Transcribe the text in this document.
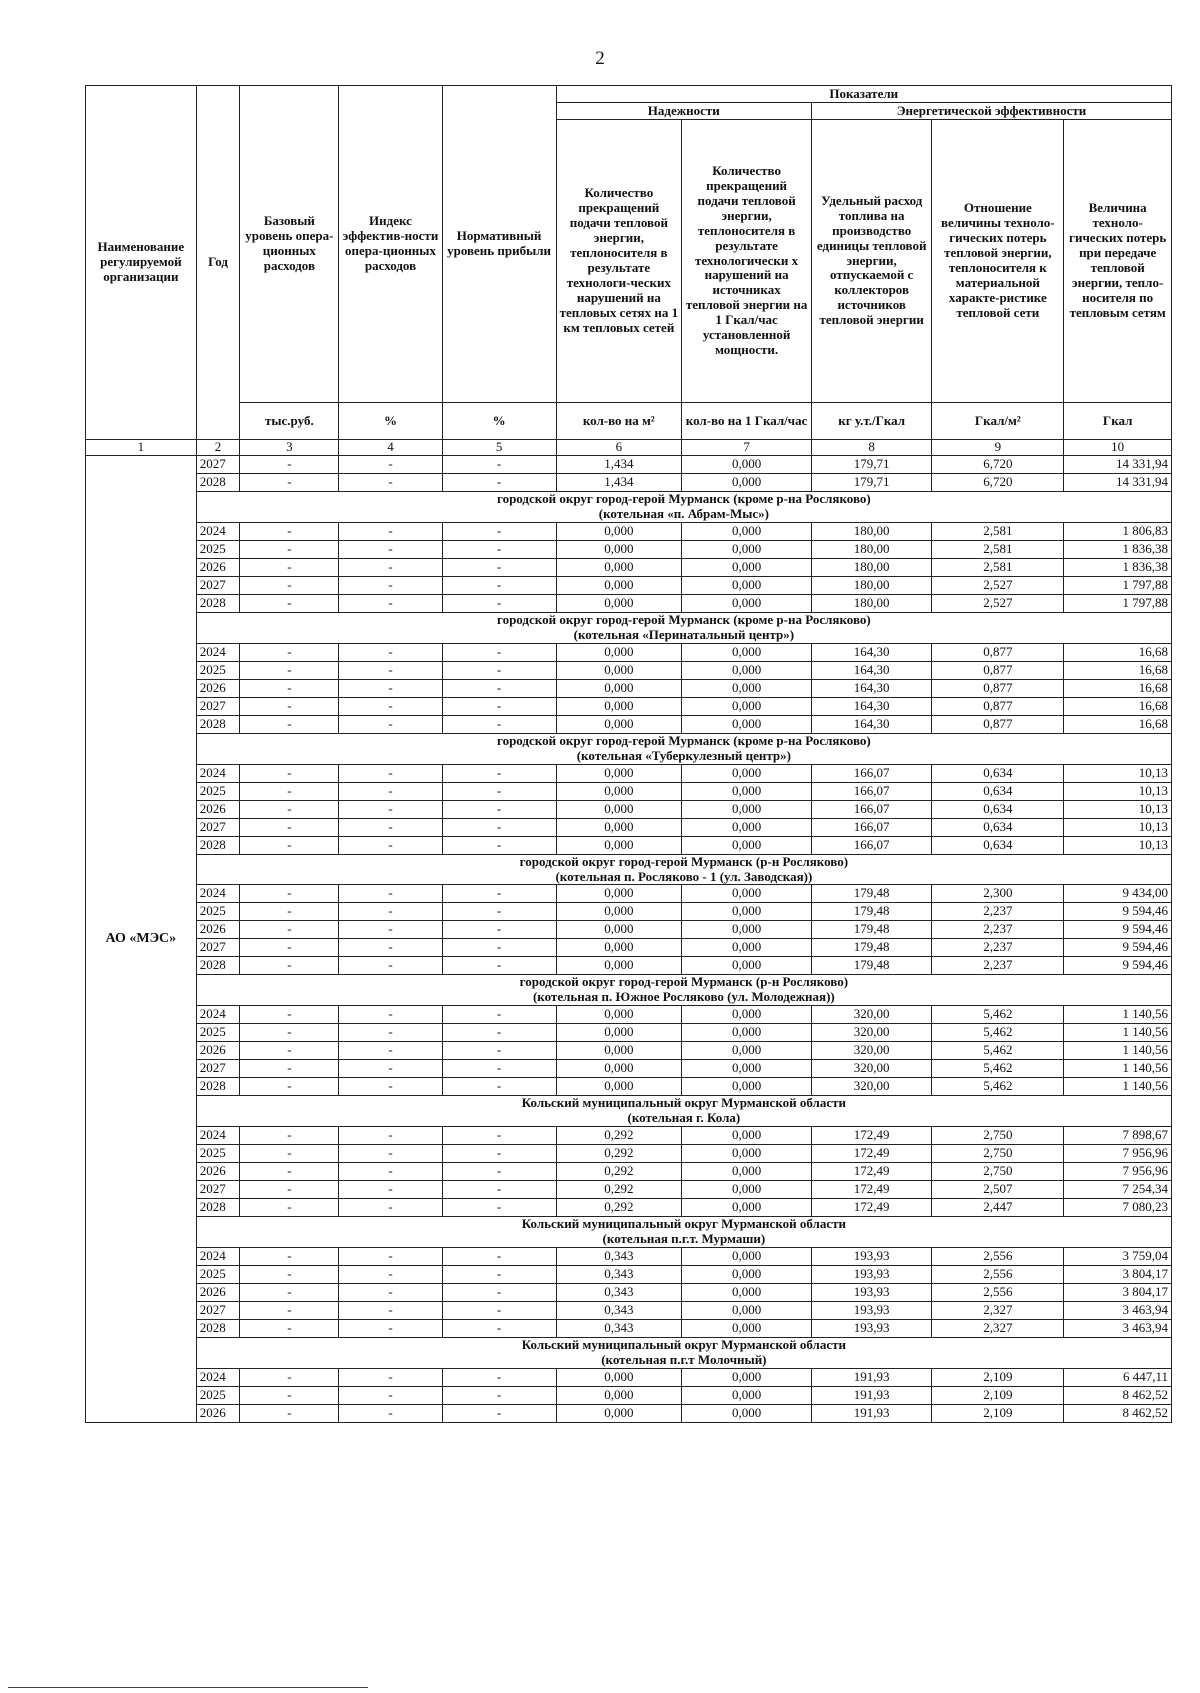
2
Наименование регулируемой организации	Год	Базовый уровень опера-ционных расходов	Индекс эффектив-ности опера-ционных расходов	Нормативный уровень прибыли	Показатели				
					Надежности		Энергетической эффективности		
					Количество прекращений подачи тепловой энергии, теплоносителя в результате технологи-ческих нарушений на тепловых сетях на 1 км тепловых сетей	Количество прекращений подачи тепловой энергии, теплоносителя в результате технологически х нарушений на источниках тепловой энергии на 1 Гкал/час установленной мощности.	Удельный расход топлива на производство единицы тепловой энергии, отпускаемой с коллекторов источников тепловой энергии	Отношение величины техноло-гических потерь тепловой энергии, теплоносителя к материальной характе-ристике тепловой сети	Величина техноло-гических потерь при передаче тепловой энергии, тепло-носителя по тепловым сетям
		тыс.руб.	%	%	кол-во на м²	кол-во на 1 Гкал/час	кг у.т./Гкал	Гкал/м²	Гкал
1	2	3	4	5	6	7	8	9	10
АО «МЭС»	2027	-	-	-	1,434	0,000	179,71	6,720	14 331,94
	2028	-	-	-	1,434	0,000	179,71	6,720	14 331,94

	городской округ город-герой Мурманск (кроме р-на Росляково)
(котельная «п. Абрам-Мыс»)								

	2024	-	-	-	0,000	0,000	180,00	2,581	1 806,83
	2025	-	-	-	0,000	0,000	180,00	2,581	1 836,38
	2026	-	-	-	0,000	0,000	180,00	2,581	1 836,38
	2027	-	-	-	0,000	0,000	180,00	2,527	1 797,88
	2028	-	-	-	0,000	0,000	180,00	2,527	1 797,88

	городской округ город-герой Мурманск (кроме р-на Росляково)
(котельная «Перинатальный центр»)								

	2024	-	-	-	0,000	0,000	164,30	0,877	16,68
	2025	-	-	-	0,000	0,000	164,30	0,877	16,68
	2026	-	-	-	0,000	0,000	164,30	0,877	16,68
	2027	-	-	-	0,000	0,000	164,30	0,877	16,68
	2028	-	-	-	0,000	0,000	164,30	0,877	16,68

	городской округ город-герой Мурманск (кроме р-на Росляково)
(котельная «Туберкулезный центр»)								

	2024	-	-	-	0,000	0,000	166,07	0,634	10,13
	2025	-	-	-	0,000	0,000	166,07	0,634	10,13
	2026	-	-	-	0,000	0,000	166,07	0,634	10,13
	2027	-	-	-	0,000	0,000	166,07	0,634	10,13
	2028	-	-	-	0,000	0,000	166,07	0,634	10,13

	городской округ город-герой Мурманск (р-н Росляково)
(котельная п. Росляково - 1 (ул. Заводская))								

	2024	-	-	-	0,000	0,000	179,48	2,300	9 434,00
	2025	-	-	-	0,000	0,000	179,48	2,237	9 594,46
	2026	-	-	-	0,000	0,000	179,48	2,237	9 594,46
	2027	-	-	-	0,000	0,000	179,48	2,237	9 594,46
	2028	-	-	-	0,000	0,000	179,48	2,237	9 594,46

	городской округ город-герой Мурманск (р-н Росляково)
(котельная п. Южное Росляково (ул. Молодежная))								

	2024	-	-	-	0,000	0,000	320,00	5,462	1 140,56
	2025	-	-	-	0,000	0,000	320,00	5,462	1 140,56
	2026	-	-	-	0,000	0,000	320,00	5,462	1 140,56
	2027	-	-	-	0,000	0,000	320,00	5,462	1 140,56
	2028	-	-	-	0,000	0,000	320,00	5,462	1 140,56

	Кольский муниципальный округ Мурманской области
(котельная г. Кола)								

	2024	-	-	-	0,292	0,000	172,49	2,750	7 898,67
	2025	-	-	-	0,292	0,000	172,49	2,750	7 956,96
	2026	-	-	-	0,292	0,000	172,49	2,750	7 956,96
	2027	-	-	-	0,292	0,000	172,49	2,507	7 254,34
	2028	-	-	-	0,292	0,000	172,49	2,447	7 080,23

	Кольский муниципальный округ Мурманской области
(котельная п.г.т. Мурмаши)								

	2024	-	-	-	0,343	0,000	193,93	2,556	3 759,04
	2025	-	-	-	0,343	0,000	193,93	2,556	3 804,17
	2026	-	-	-	0,343	0,000	193,93	2,556	3 804,17
	2027	-	-	-	0,343	0,000	193,93	2,327	3 463,94
	2028	-	-	-	0,343	0,000	193,93	2,327	3 463,94

	Кольский муниципальный округ Мурманской области
(котельная п.г.т Молочный)								

	2024	-	-	-	0,000	0,000	191,93	2,109	6 447,11
	2025	-	-	-	0,000	0,000	191,93	2,109	8 462,52
	2026	-	-	-	0,000	0,000	191,93	2,109	8 462,52
